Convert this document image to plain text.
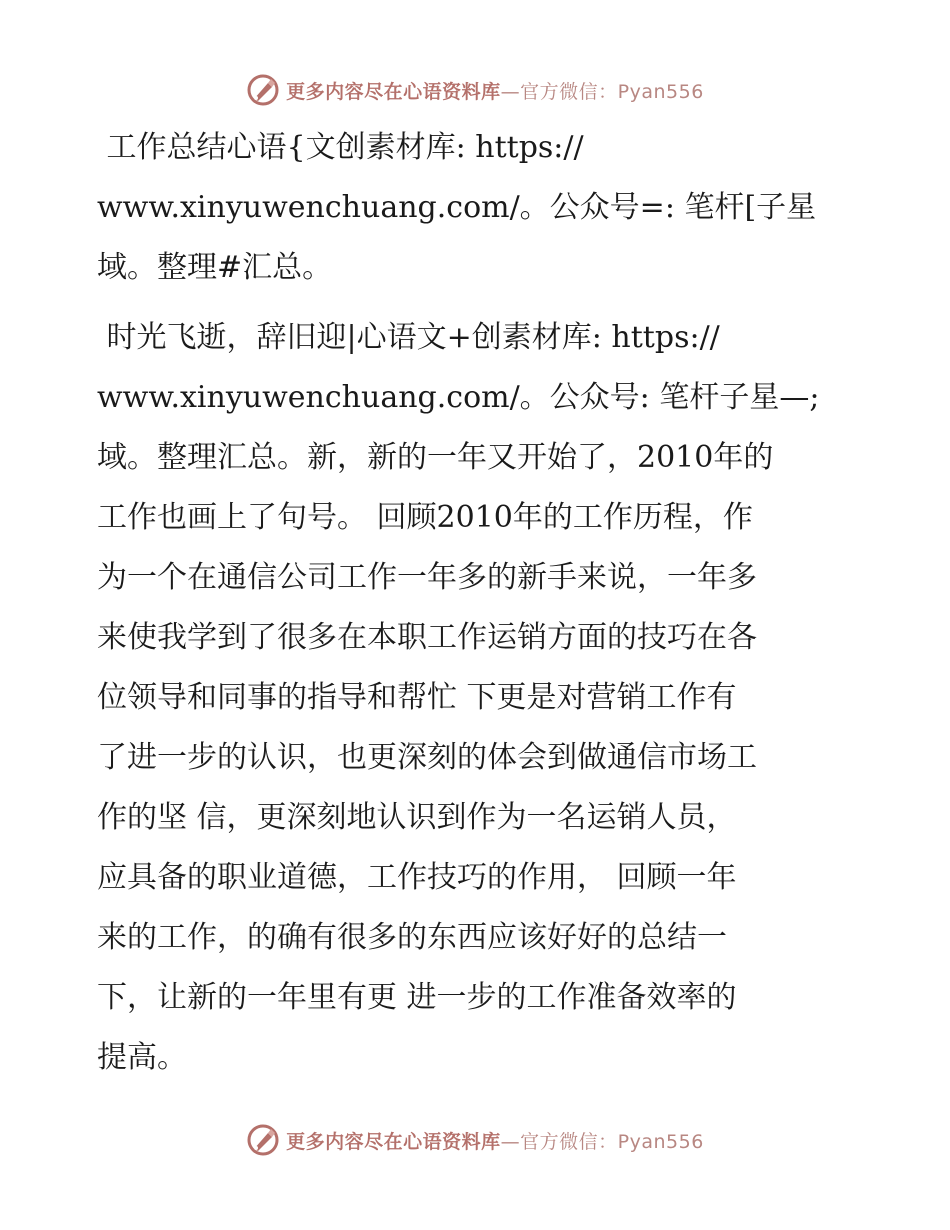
更多内容尽在心语资料库—官方微信：Pyan556

工作总结心语{文创素材库: https://
www.xinyuwenchuang.com/。公众号=: 笔杆[子星
域。整理#汇总。

时光飞逝，辞旧迎|心语文+创素材库: https://
www.xinyuwenchuang.com/。公众号: 笔杆子星—;
域。整理汇总。新，新的一年又开始了，2010年的
工作也画上了句号。 回顾2010年的工作历程，作
为一个在通信公司工作一年多的新手来说，一年多
来使我学到了很多在本职工作运销方面的技巧在各
位领导和同事的指导和帮忙 下更是对营销工作有
了进一步的认识，也更深刻的体会到做通信市场工
作的坚 信，更深刻地认识到作为一名运销人员，
应具备的职业道德，工作技巧的作用， 回顾一年
来的工作，的确有很多的东西应该好好的总结一
下，让新的一年里有更 进一步的工作准备效率的
提高。

更多内容尽在心语资料库—官方微信：Pyan556
